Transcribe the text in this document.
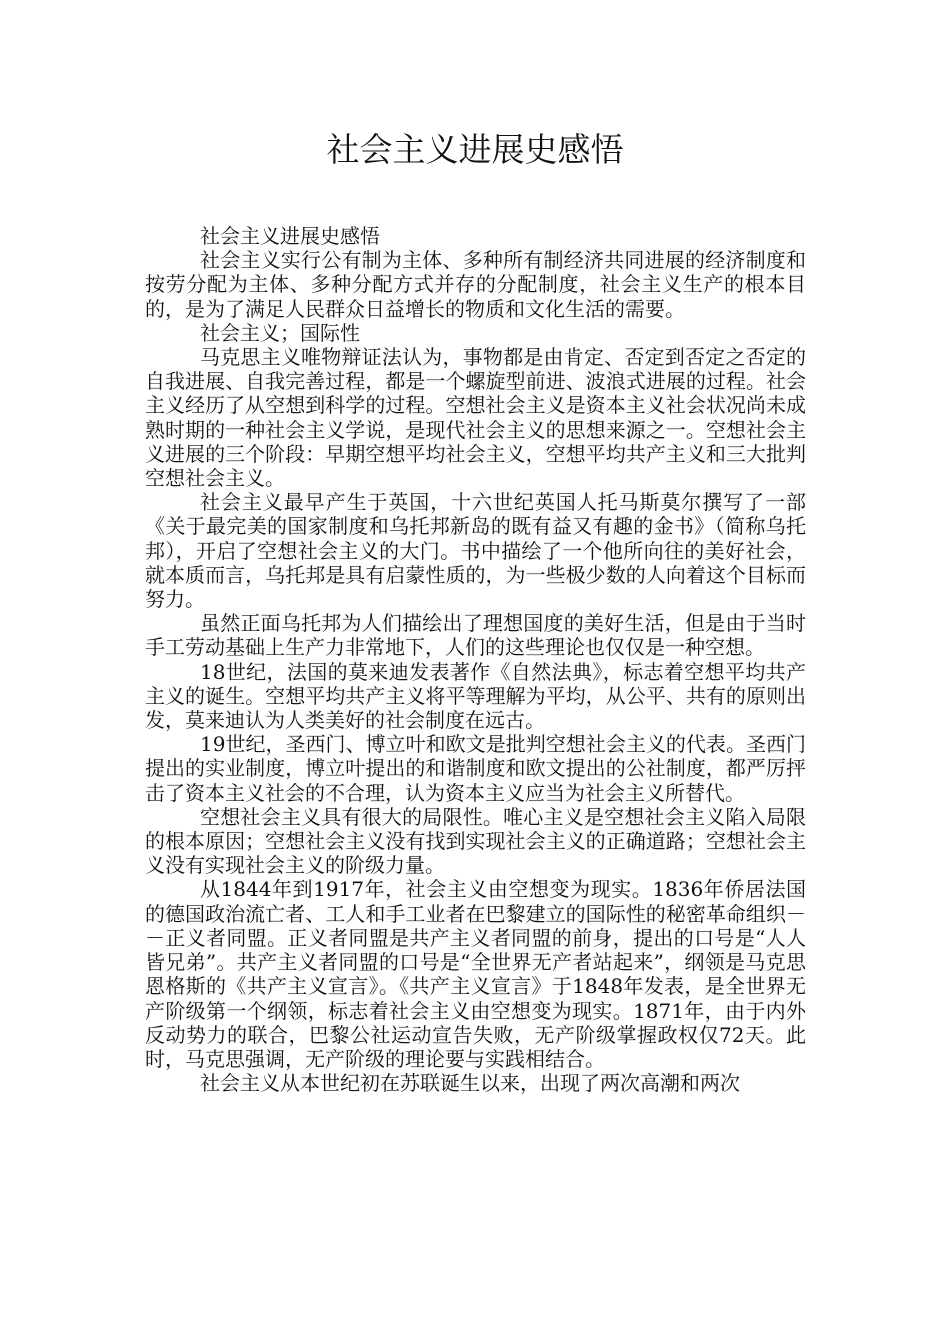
社会主义进展史感悟

社会主义进展史感悟

社会主义实行公有制为主体、多种所有制经济共同进展的经济制度和按劳分配为主体、多种分配方式并存的分配制度，社会主义生产的根本目的，是为了满足人民群众日益增长的物质和文化生活的需要。

社会主义；国际性

马克思主义唯物辩证法认为，事物都是由肯定、否定到否定之否定的自我进展、自我完善过程，都是一个螺旋型前进、波浪式进展的过程。社会主义经历了从空想到科学的过程。空想社会主义是资本主义社会状况尚未成熟时期的一种社会主义学说，是现代社会主义的思想来源之一。空想社会主义进展的三个阶段：早期空想平均社会主义，空想平均共产主义和三大批判空想社会主义。

社会主义最早产生于英国，十六世纪英国人托马斯莫尔撰写了一部《关于最完美的国家制度和乌托邦新岛的既有益又有趣的金书》（简称乌托邦），开启了空想社会主义的大门。书中描绘了一个他所向往的美好社会，就本质而言，乌托邦是具有启蒙性质的，为一些极少数的人向着这个目标而努力。

虽然正面乌托邦为人们描绘出了理想国度的美好生活，但是由于当时手工劳动基础上生产力非常地下，人们的这些理论也仅仅是一种空想。

18世纪，法国的莫来迪发表著作《自然法典》，标志着空想平均共产主义的诞生。空想平均共产主义将平等理解为平均，从公平、共有的原则出发，莫来迪认为人类美好的社会制度在远古。

19世纪，圣西门、博立叶和欧文是批判空想社会主义的代表。圣西门提出的实业制度，博立叶提出的和谐制度和欧文提出的公社制度，都严厉抨击了资本主义社会的不合理，认为资本主义应当为社会主义所替代。

空想社会主义具有很大的局限性。唯心主义是空想社会主义陷入局限的根本原因；空想社会主义没有找到实现社会主义的正确道路；空想社会主义没有实现社会主义的阶级力量。

从1844年到1917年，社会主义由空想变为现实。1836年侨居法国的德国政治流亡者、工人和手工业者在巴黎建立的国际性的秘密革命组织－－正义者同盟。正义者同盟是共产主义者同盟的前身，提出的口号是“人人皆兄弟”。共产主义者同盟的口号是“全世界无产者站起来”，纲领是马克思恩格斯的《共产主义宣言》。《共产主义宣言》于1848年发表，是全世界无产阶级第一个纲领，标志着社会主义由空想变为现实。1871年，由于内外反动势力的联合，巴黎公社运动宣告失败，无产阶级掌握政权仅72天。此时，马克思强调，无产阶级的理论要与实践相结合。

社会主义从本世纪初在苏联诞生以来，出现了两次高潮和两次
